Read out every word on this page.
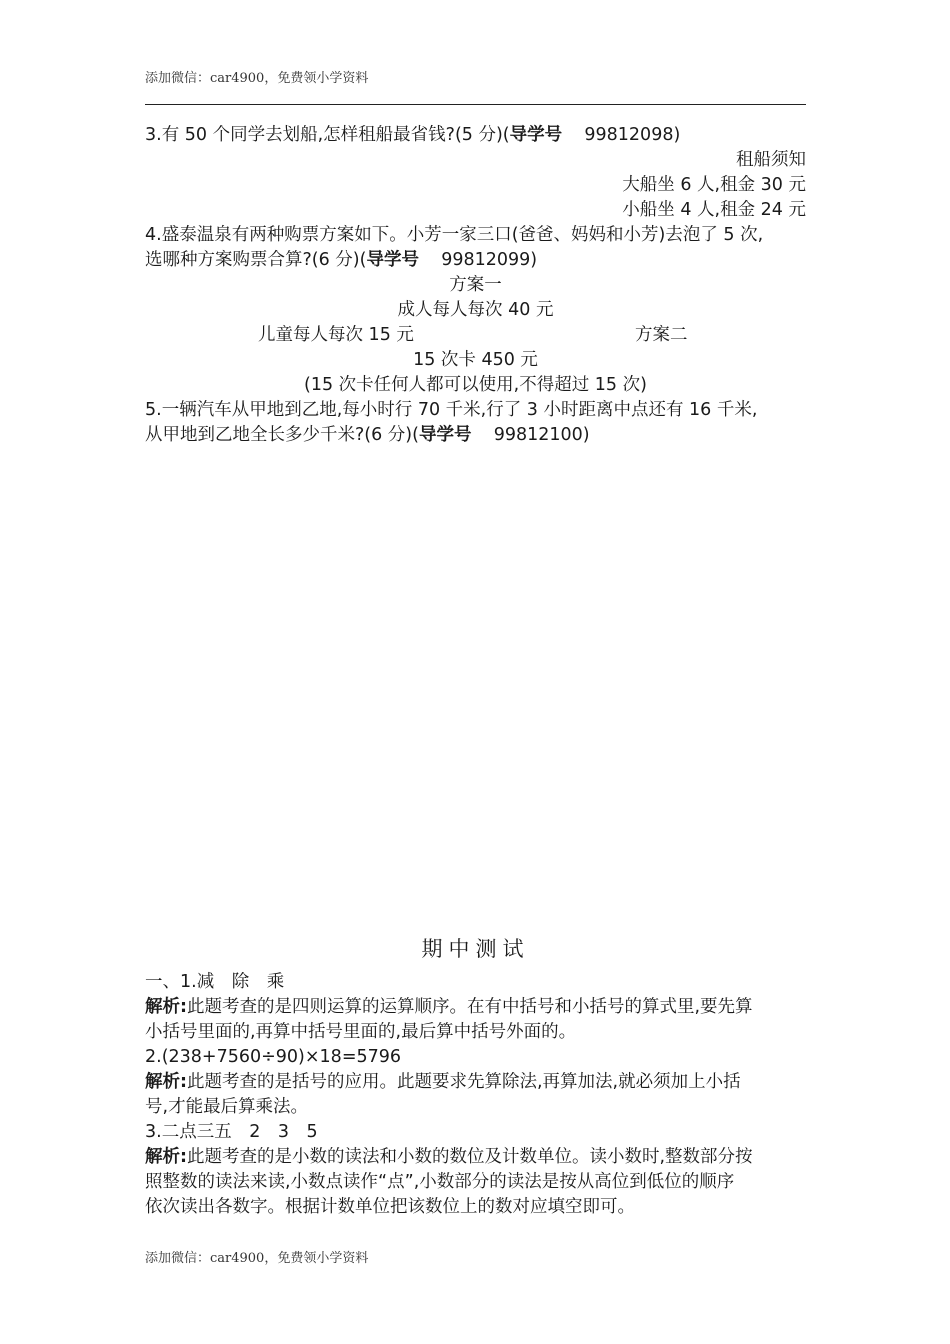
添加微信：car4900，免费领小学资料
3.有 50 个同学去划船,怎样租船最省钱?(5 分)(导学号 99812098)
租船须知
大船坐 6 人,租金 30 元
小船坐 4 人,租金 24 元
4.盛泰温泉有两种购票方案如下。小芳一家三口(爸爸、妈妈和小芳)去泡了 5 次,
选哪种方案购票合算?(6 分)(导学号 99812099)
方案一
成人每人每次 40 元
儿童每人每次 15 元	方案二
15 次卡 450 元
(15 次卡任何人都可以使用,不得超过 15 次)
5.一辆汽车从甲地到乙地,每小时行 70 千米,行了 3 小时距离中点还有 16 千米,
从甲地到乙地全长多少千米?(6 分)(导学号 99812100)
期中测试
一、1.减　除　乘
解析:此题考查的是四则运算的运算顺序。在有中括号和小括号的算式里,要先算
小括号里面的,再算中括号里面的,最后算中括号外面的。
2.(238+7560÷90)×18=5796
解析:此题考查的是括号的应用。此题要求先算除法,再算加法,就必须加上小括
号,才能最后算乘法。
3.二点三五　2　3　5
解析:此题考查的是小数的读法和小数的数位及计数单位。读小数时,整数部分按
照整数的读法来读,小数点读作“点”,小数部分的读法是按从高位到低位的顺序
依次读出各数字。根据计数单位把该数位上的数对应填空即可。
添加微信：car4900，免费领小学资料
